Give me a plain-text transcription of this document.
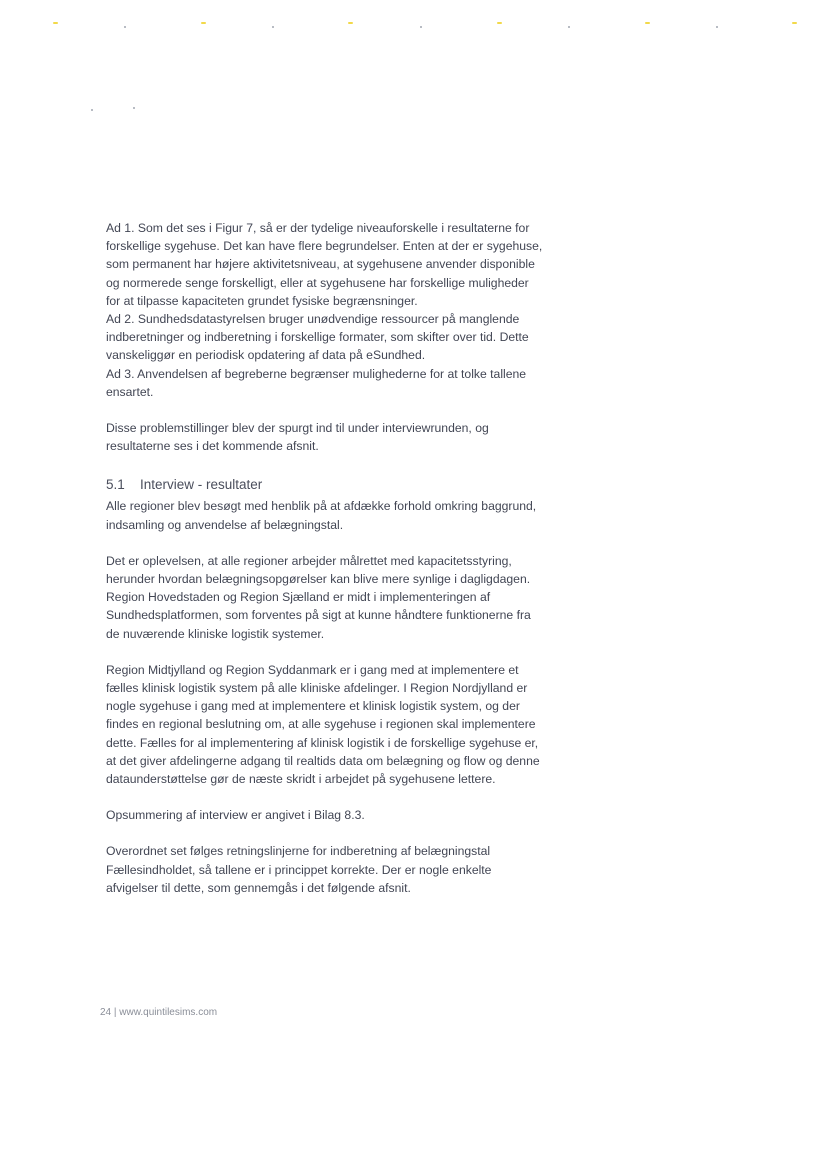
Ad 1. Som det ses i Figur 7, så er der tydelige niveauforskelle i resultaterne for forskellige sygehuse. Det kan have flere begrundelser. Enten at der er sygehuse, som permanent har højere aktivitetsniveau, at sygehusene anvender disponible og normerede senge forskelligt, eller at sygehusene har forskellige muligheder for at tilpasse kapaciteten grundet fysiske begrænsninger.

Ad 2. Sundhedsdatastyrelsen bruger unødvendige ressourcer på manglende indberetninger og indberetning i forskellige formater, som skifter over tid. Dette vanskeliggør en periodisk opdatering af data på eSundhed.

Ad 3. Anvendelsen af begreberne begrænser mulighederne for at tolke tallene ensartet.

Disse problemstillinger blev der spurgt ind til under interviewrunden, og resultaterne ses i det kommende afsnit.

5.1 Interview - resultater

Alle regioner blev besøgt med henblik på at afdække forhold omkring baggrund, indsamling og anvendelse af belægningstal.

Det er oplevelsen, at alle regioner arbejder målrettet med kapacitetsstyring, herunder hvordan belægningsopgørelser kan blive mere synlige i dagligdagen. Region Hovedstaden og Region Sjælland er midt i implementeringen af Sundhedsplatformen, som forventes på sigt at kunne håndtere funktionerne fra de nuværende kliniske logistik systemer.

Region Midtjylland og Region Syddanmark er i gang med at implementere et fælles klinisk logistik system på alle kliniske afdelinger. I Region Nordjylland er nogle sygehuse i gang med at implementere et klinisk logistik system, og der findes en regional beslutning om, at alle sygehuse i regionen skal implementere dette. Fælles for al implementering af klinisk logistik i de forskellige sygehuse er, at det giver afdelingerne adgang til realtids data om belægning og flow og denne dataunderstøttelse gør de næste skridt i arbejdet på sygehusene lettere.

Opsummering af interview er angivet i Bilag 8.3.

Overordnet set følges retningslinjerne for indberetning af belægningstal Fællesindholdet, så tallene er i princippet korrekte. Der er nogle enkelte afvigelser til dette, som gennemgås i det følgende afsnit.

24 | www.quintilesims.com
